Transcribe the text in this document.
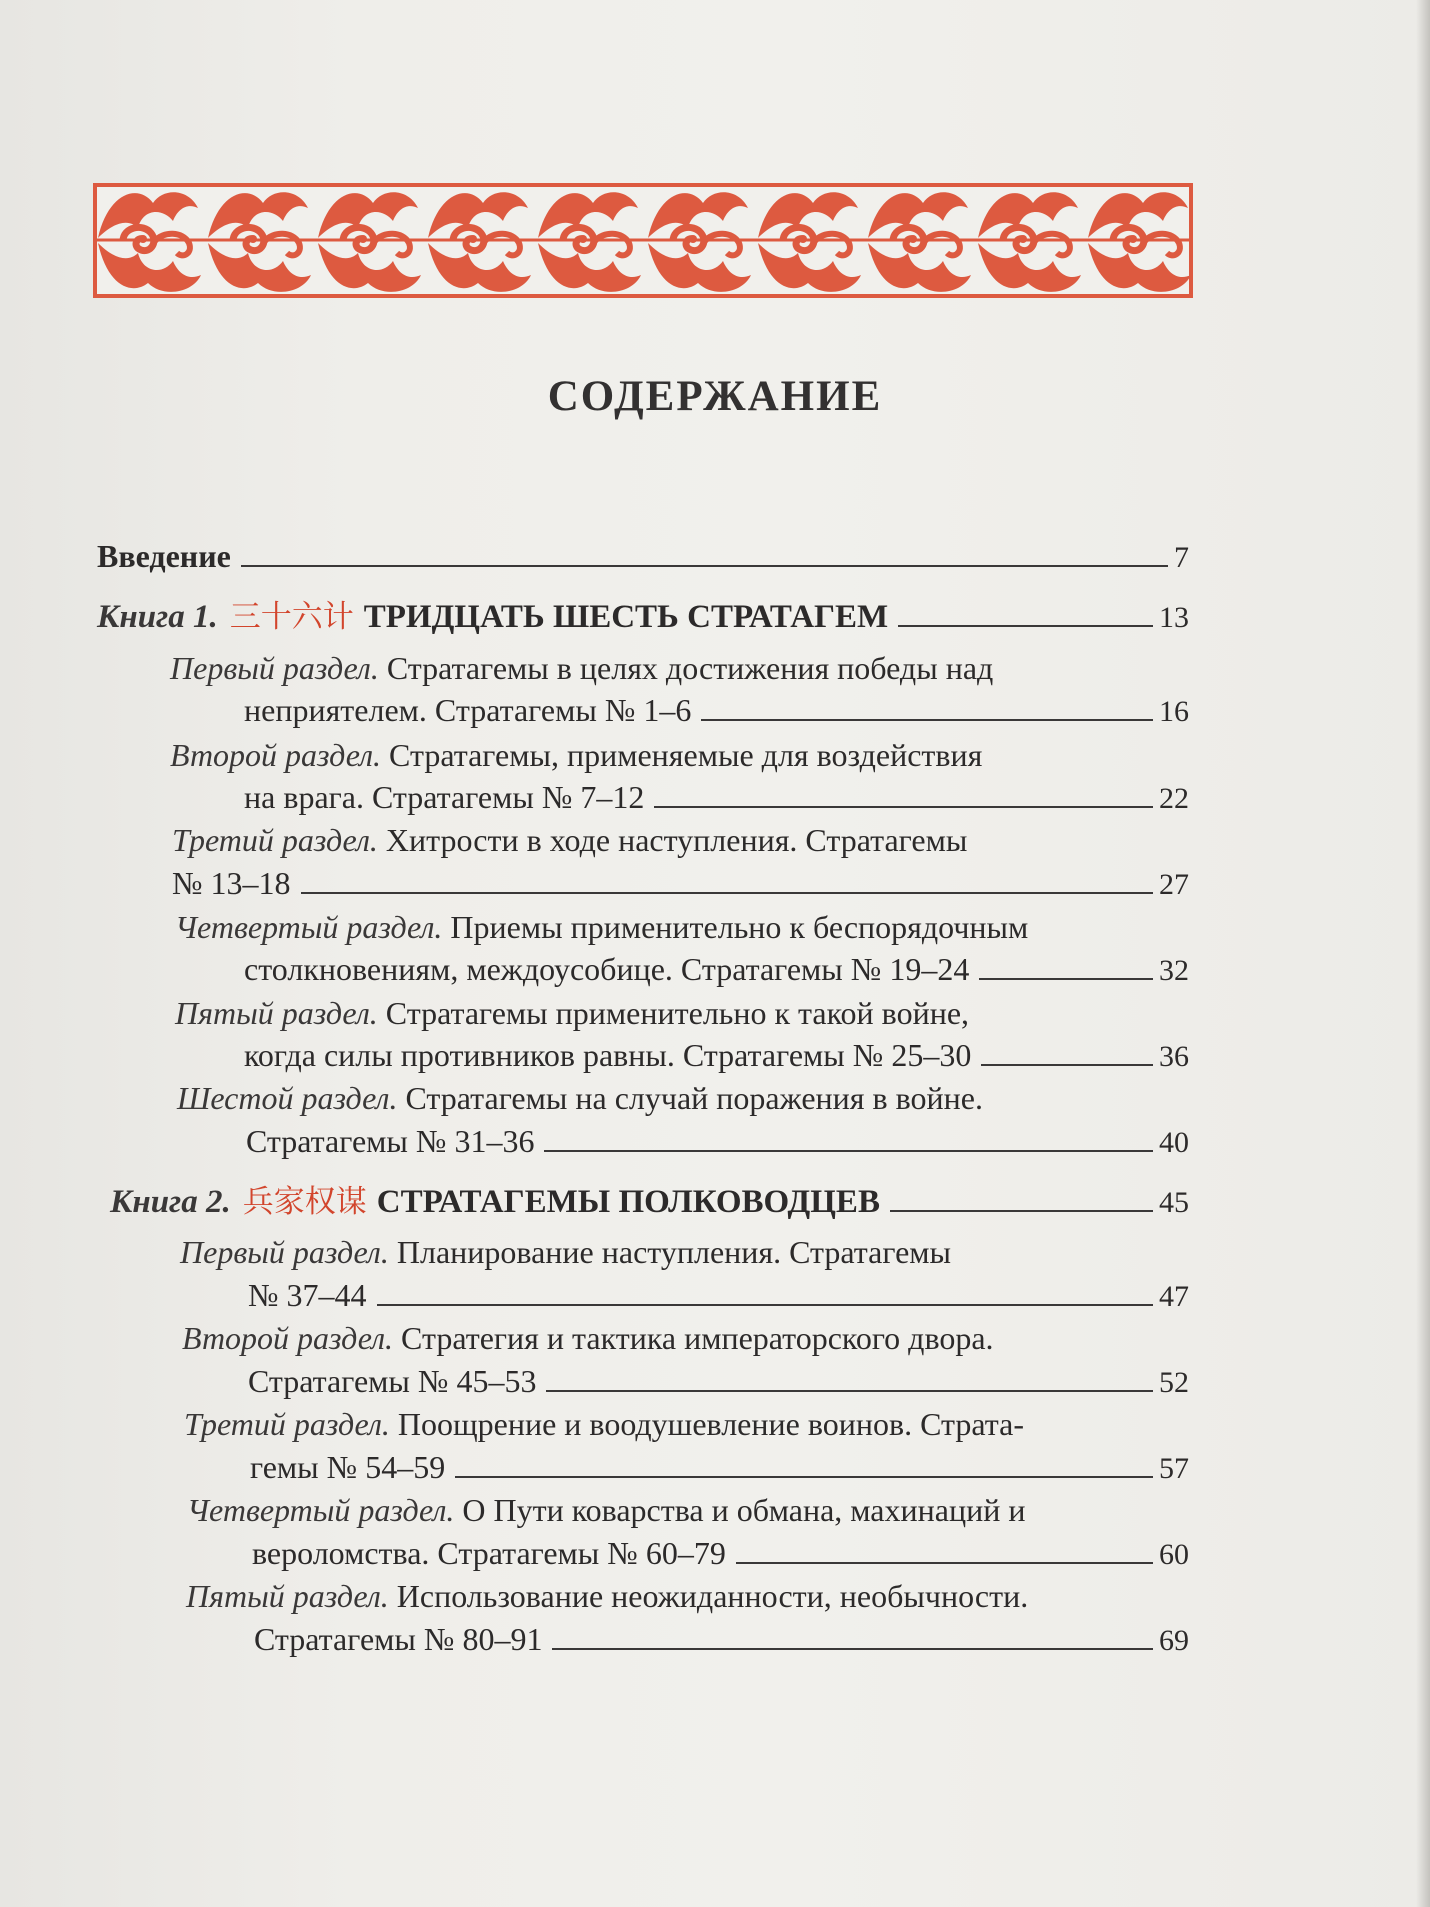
СОДЕРЖАНИЕ
Введение	7
Книга 1. 三十六计 ТРИДЦАТЬ ШЕСТЬ СТРАТАГЕМ	13
Первый раздел.
Стратагемы в целях достижения победы над
неприятелем. Стратагемы № 1–6	16
Второй раздел.
Стратагемы, применяемые для воздействия
на врага. Стратагемы № 7–12	22
Третий раздел.
Хитрости в ходе наступления. Стратагемы
№ 13–18	27
Четвертый раздел.
Приемы применительно к беспорядочным
столкновениям, междоусобице. Стратагемы № 19–24	32
Пятый раздел.
Стратагемы применительно к такой войне,
когда силы противников равны. Стратагемы № 25–30	36
Шестой раздел.
Стратагемы на случай поражения в войне.
Стратагемы № 31–36	40
Книга 2. 兵家权谋 СТРАТАГЕМЫ ПОЛКОВОДЦЕВ	45
Первый раздел.
Планирование наступления. Стратагемы
№ 37–44	47
Второй раздел.
Стратегия и тактика императорского двора.
Стратагемы № 45–53	52
Третий раздел.
Поощрение и воодушевление воинов. Страта-
гемы № 54–59	57
Четвертый раздел.
О Пути коварства и обмана, махинаций и
вероломства. Стратагемы № 60–79	60
Пятый раздел.
Использование неожиданности, необычности.
Стратагемы № 80–91	69
